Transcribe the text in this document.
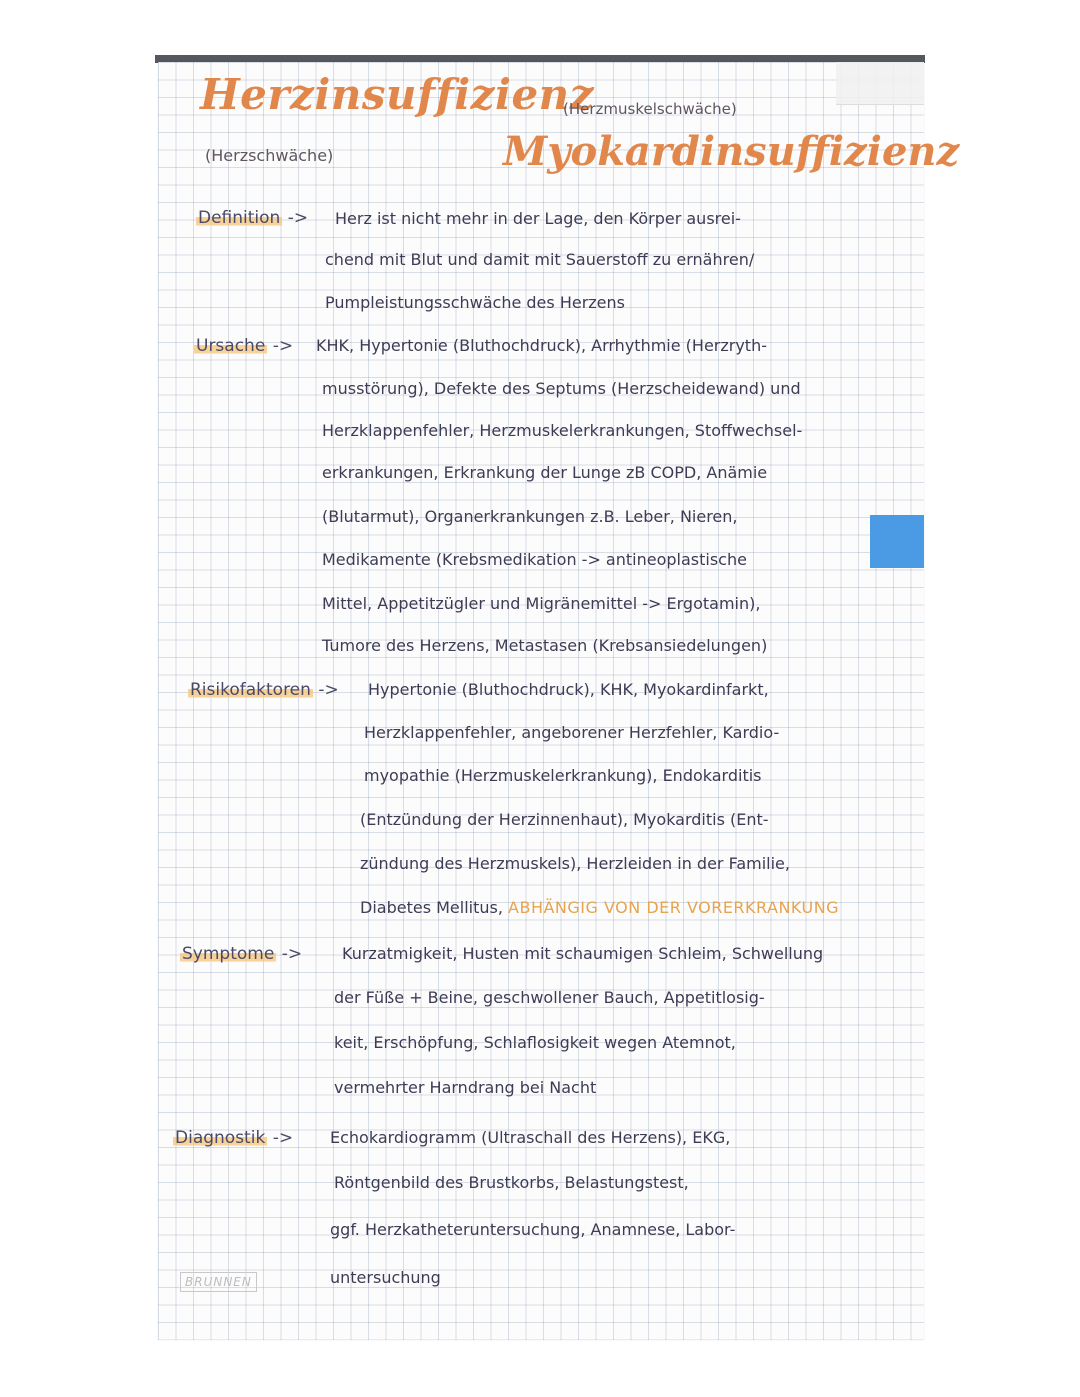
Herzinsuffizienz
(Herzmuskelschwäche)
(Herzschwäche)	Myokardinsuffizienz
Definition -> Herz ist nicht mehr in der Lage, den Körper ausrei-
chend mit Blut und damit mit Sauerstoff zu ernähren/
Pumpleistungsschwäche des Herzens
Ursache -> KHK, Hypertonie (Bluthochdruck), Arrhythmie (Herzryth-
musstörung), Defekte des Septums (Herzscheidewand) und
Herzklappenfehler, Herzmuskelerkrankungen, Stoffwechsel-
erkrankungen, Erkrankung der Lunge zB COPD, Anämie
(Blutarmut), Organerkrankungen z.B. Leber, Nieren,
Medikamente (Krebsmedikation -> antineoplastische
Mittel, Appetitzügler und Migränemittel -> Ergotamin),
Tumore des Herzens, Metastasen (Krebsansiedelungen)
Risikofaktoren -> Hypertonie (Bluthochdruck), KHK, Myokardinfarkt,
Herzklappenfehler, angeborener Herzfehler, Kardio-
myopathie (Herzmuskelerkrankung), Endokarditis
(Entzündung der Herzinnenhaut), Myokarditis (Ent-
zündung des Herzmuskels), Herzleiden in der Familie,
Diabetes Mellitus, ABHÄNGIG VON DER VORERKRANKUNG
Symptome -> Kurzatmigkeit, Husten mit schaumigen Schleim, Schwellung
der Füße + Beine, geschwollener Bauch, Appetitlosig-
keit, Erschöpfung, Schlaflosigkeit wegen Atemnot,
vermehrter Harndrang bei Nacht
Diagnostik -> Echokardiogramm (Ultraschall des Herzens), EKG,
Röntgenbild des Brustkorbs, Belastungstest,
ggf. Herzkatheteruntersuchung, Anamnese, Labor-
untersuchung
BRUNNEN
